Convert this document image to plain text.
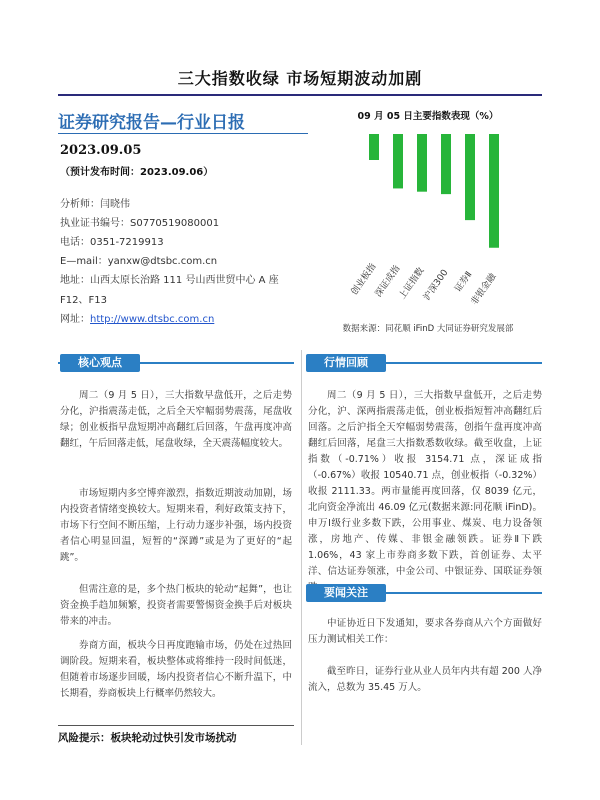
三大指数收绿 市场短期波动加剧
证券研究报告—行业日报
2023.09.05
（预计发布时间：2023.09.06）
分析师：闫晓伟
执业证书编号：S0770519080001
电话：0351-7219913
E—mail：yanxw@dtsbc.com.cn
地址：山西太原长治路 111 号山西世贸中心 A 座
F12、F13
网址：http://www.dtsbc.com.cn
09 月 05 日主要指数表现（%）
创业板指
深证成指
上证指数
沪深300 证券Ⅱ
非银金融
数据来源：同花顺 iFinD 大同证券研究发展部
核心观点

周二（9 月 5 日），三大指数早盘低开，之后走势分化，沪指震荡走低，之后全天窄幅弱势震荡，尾盘收绿；创业板指早盘短期冲高翻红后回落，午盘再度冲高翻红，午后回落走低，尾盘收绿，全天震荡幅度较大。

市场短期内多空博弈激烈，指数近期波动加剧，场内投资者情绪变换较大。短期来看，利好政策支持下，市场下行空间不断压缩，上行动力逐步补强，场内投资者信心明显回温，短暂的“深蹲”或是为了更好的“起跳”。

但需注意的是，多个热门板块的轮动“起舞”，也让资金换手趋加频繁，投资者需要警惕资金换手后对板块带来的冲击。

券商方面，板块今日再度跑输市场，仍处在过热回调阶段。短期来看，板块整体或将维持一段时间低迷，但随着市场逐步回暖，场内投资者信心不断升温下，中长期看，券商板块上行概率仍然较大。

风险提示：板块轮动过快引发市场扰动
行情回顾

周二（9 月 5 日），三大指数早盘低开，之后走势分化，沪、深两指震荡走低，创业板指短暂冲高翻红后回落。之后沪指全天窄幅弱势震荡，创指午盘再度冲高翻红后回落，尾盘三大指数悉数收绿。截至收盘，上证指数（-0.71%）收报 3154.71 点，深证成指（-0.67%）收报 10540.71 点，创业板指（-0.32%）收报 2111.33。两市量能再度回落，仅 8039 亿元，北向资金净流出 46.09 亿元(数据来源:同花顺 iFinD)。申万Ⅰ级行业多数下跌，公用事业、煤炭、电力设备领涨，房地产、传媒、非银金融领跌。证券Ⅱ下跌 1.06%，43 家上市券商多数下跌，首创证券、太平洋、信达证券领涨，中金公司、中银证券、国联证券领

要闻关注

中证协近日下发通知，要求各券商从六个方面做好压力测试相关工作：

截至昨日，证券行业从业人员年内共有超 200 人净流入，总数为 35.45 万人。
